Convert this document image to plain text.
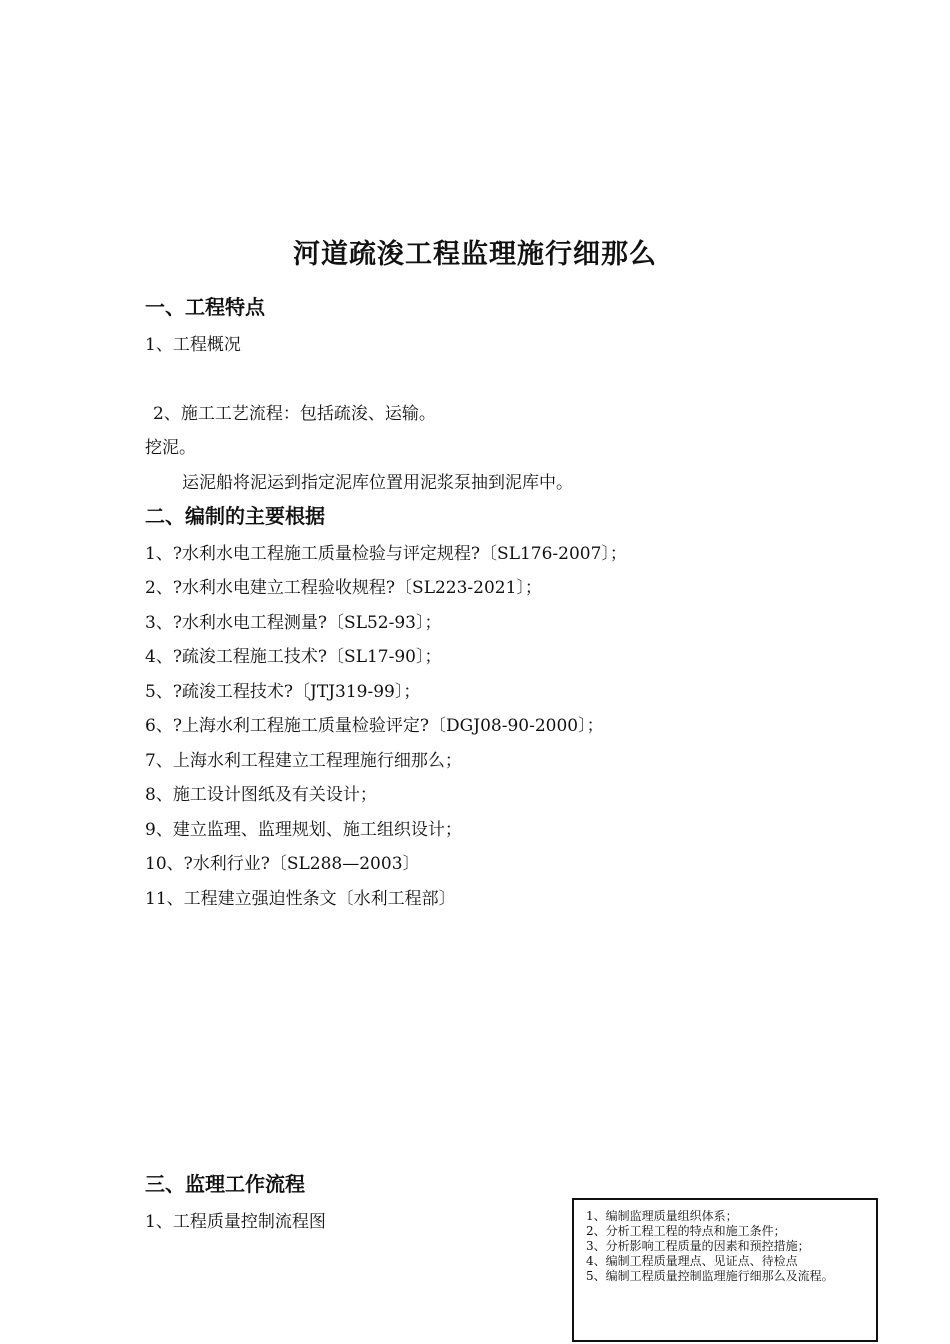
河道疏浚工程监理施行细那么
一、工程特点
1、工程概况
2、施工工艺流程：包括疏浚、运输。
挖泥。
运泥船将泥运到指定泥库位置用泥浆泵抽到泥库中。
二、编制的主要根据
1、?水利水电工程施工质量检验与评定规程?〔SL176-2007〕；
2、?水利水电建立工程验收规程?〔SL223-2021〕；
3、?水利水电工程测量?〔SL52-93〕；
4、?疏浚工程施工技术?〔SL17-90〕；
5、?疏浚工程技术?〔JTJ319-99〕；
6、?上海水利工程施工质量检验评定?〔DGJ08-90-2000〕；
7、上海水利工程建立工程理施行细那么；
8、施工设计图纸及有关设计；
9、建立监理、监理规划、施工组织设计；
10、?水利行业?〔SL288—2003〕
11、工程建立强迫性条文〔水利工程部〕
三、监理工作流程
1、工程质量控制流程图	1、编制监理质量组织体系；
2、分析工程工程的特点和施工条件；
3、分析影响工程质量的因素和预控措施；
4、编制工程质量理点、见证点、待检点
5、编制工程质量控制监理施行细那么及流程。
